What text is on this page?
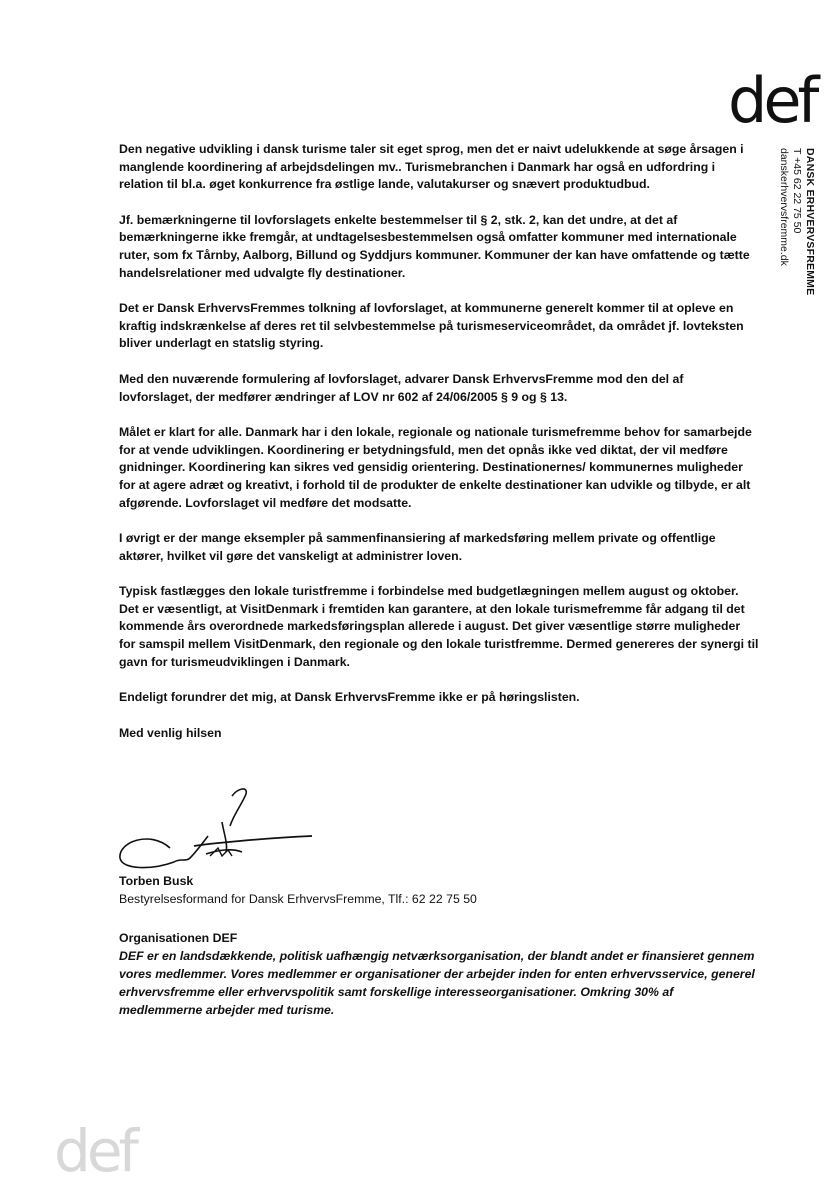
def
DANSK ERHVERVSFREMME
T +45 62 22 75 50
danskerhvervsfremme.dk

Den negative udvikling i dansk turisme taler sit eget sprog, men det er naivt udelukkende at søge årsagen i manglende koordinering af arbejdsdelingen mv.. Turismebranchen i Danmark har også en udfordring i relation til bl.a. øget konkurrence fra østlige lande, valutakurser og snævert produktudbud.

Jf. bemærkningerne til lovforslagets enkelte bestemmelser til § 2, stk. 2, kan det undre, at det af bemærkningerne ikke fremgår, at undtagelsesbestemmelsen også omfatter kommuner med internationale ruter, som fx Tårnby, Aalborg, Billund og Syddjurs kommuner. Kommuner der kan have omfattende og tætte handelsrelationer med udvalgte fly destinationer.

Det er Dansk ErhvervsFremmes tolkning af lovforslaget, at kommunerne generelt kommer til at opleve en kraftig indskrænkelse af deres ret til selvbestemmelse på turismeserviceområdet, da området jf. lovteksten bliver underlagt en statslig styring.

Med den nuværende formulering af lovforslaget, advarer Dansk ErhvervsFremme mod den del af lovforslaget, der medfører ændringer af LOV nr 602 af 24/06/2005 § 9 og § 13.

Målet er klart for alle. Danmark har i den lokale, regionale og nationale turismefremme behov for samarbejde for at vende udviklingen. Koordinering er betydningsfuld, men det opnås ikke ved diktat, der vil medføre gnidninger. Koordinering kan sikres ved gensidig orientering. Destinationernes/ kommunernes muligheder for at agere adræt og kreativt, i forhold til de produkter de enkelte destinationer kan udvikle og tilbyde, er alt afgørende. Lovforslaget vil medføre det modsatte.

I øvrigt er der mange eksempler på sammenfinansiering af markedsføring mellem private og offentlige aktører, hvilket vil gøre det vanskeligt at administrer loven.

Typisk fastlægges den lokale turistfremme i forbindelse med budgetlægningen mellem august og oktober. Det er væsentligt, at VisitDenmark i fremtiden kan garantere, at den lokale turismefremme får adgang til det kommende års overordnede markedsføringsplan allerede i august. Det giver væsentlige større muligheder for samspil mellem VisitDenmark, den regionale og den lokale turistfremme. Dermed genereres der synergi til gavn for turismeudviklingen i Danmark.

Endeligt forundrer det mig, at Dansk ErhvervsFremme ikke er på høringslisten.

Med venlig hilsen

Torben Busk
Bestyrelsesformand for Dansk ErhvervsFremme, Tlf.: 62 22 75 50
Organisationen DEF
DEF er en landsdækkende, politisk uafhængig netværksorganisation, der blandt andet er finansieret gennem vores medlemmer. Vores medlemmer er organisationer der arbejder inden for enten erhvervsservice, generel erhvervsfremme eller erhvervspolitik samt forskellige interesseorganisationer. Omkring 30% af medlemmerne arbejder med turisme.
def
